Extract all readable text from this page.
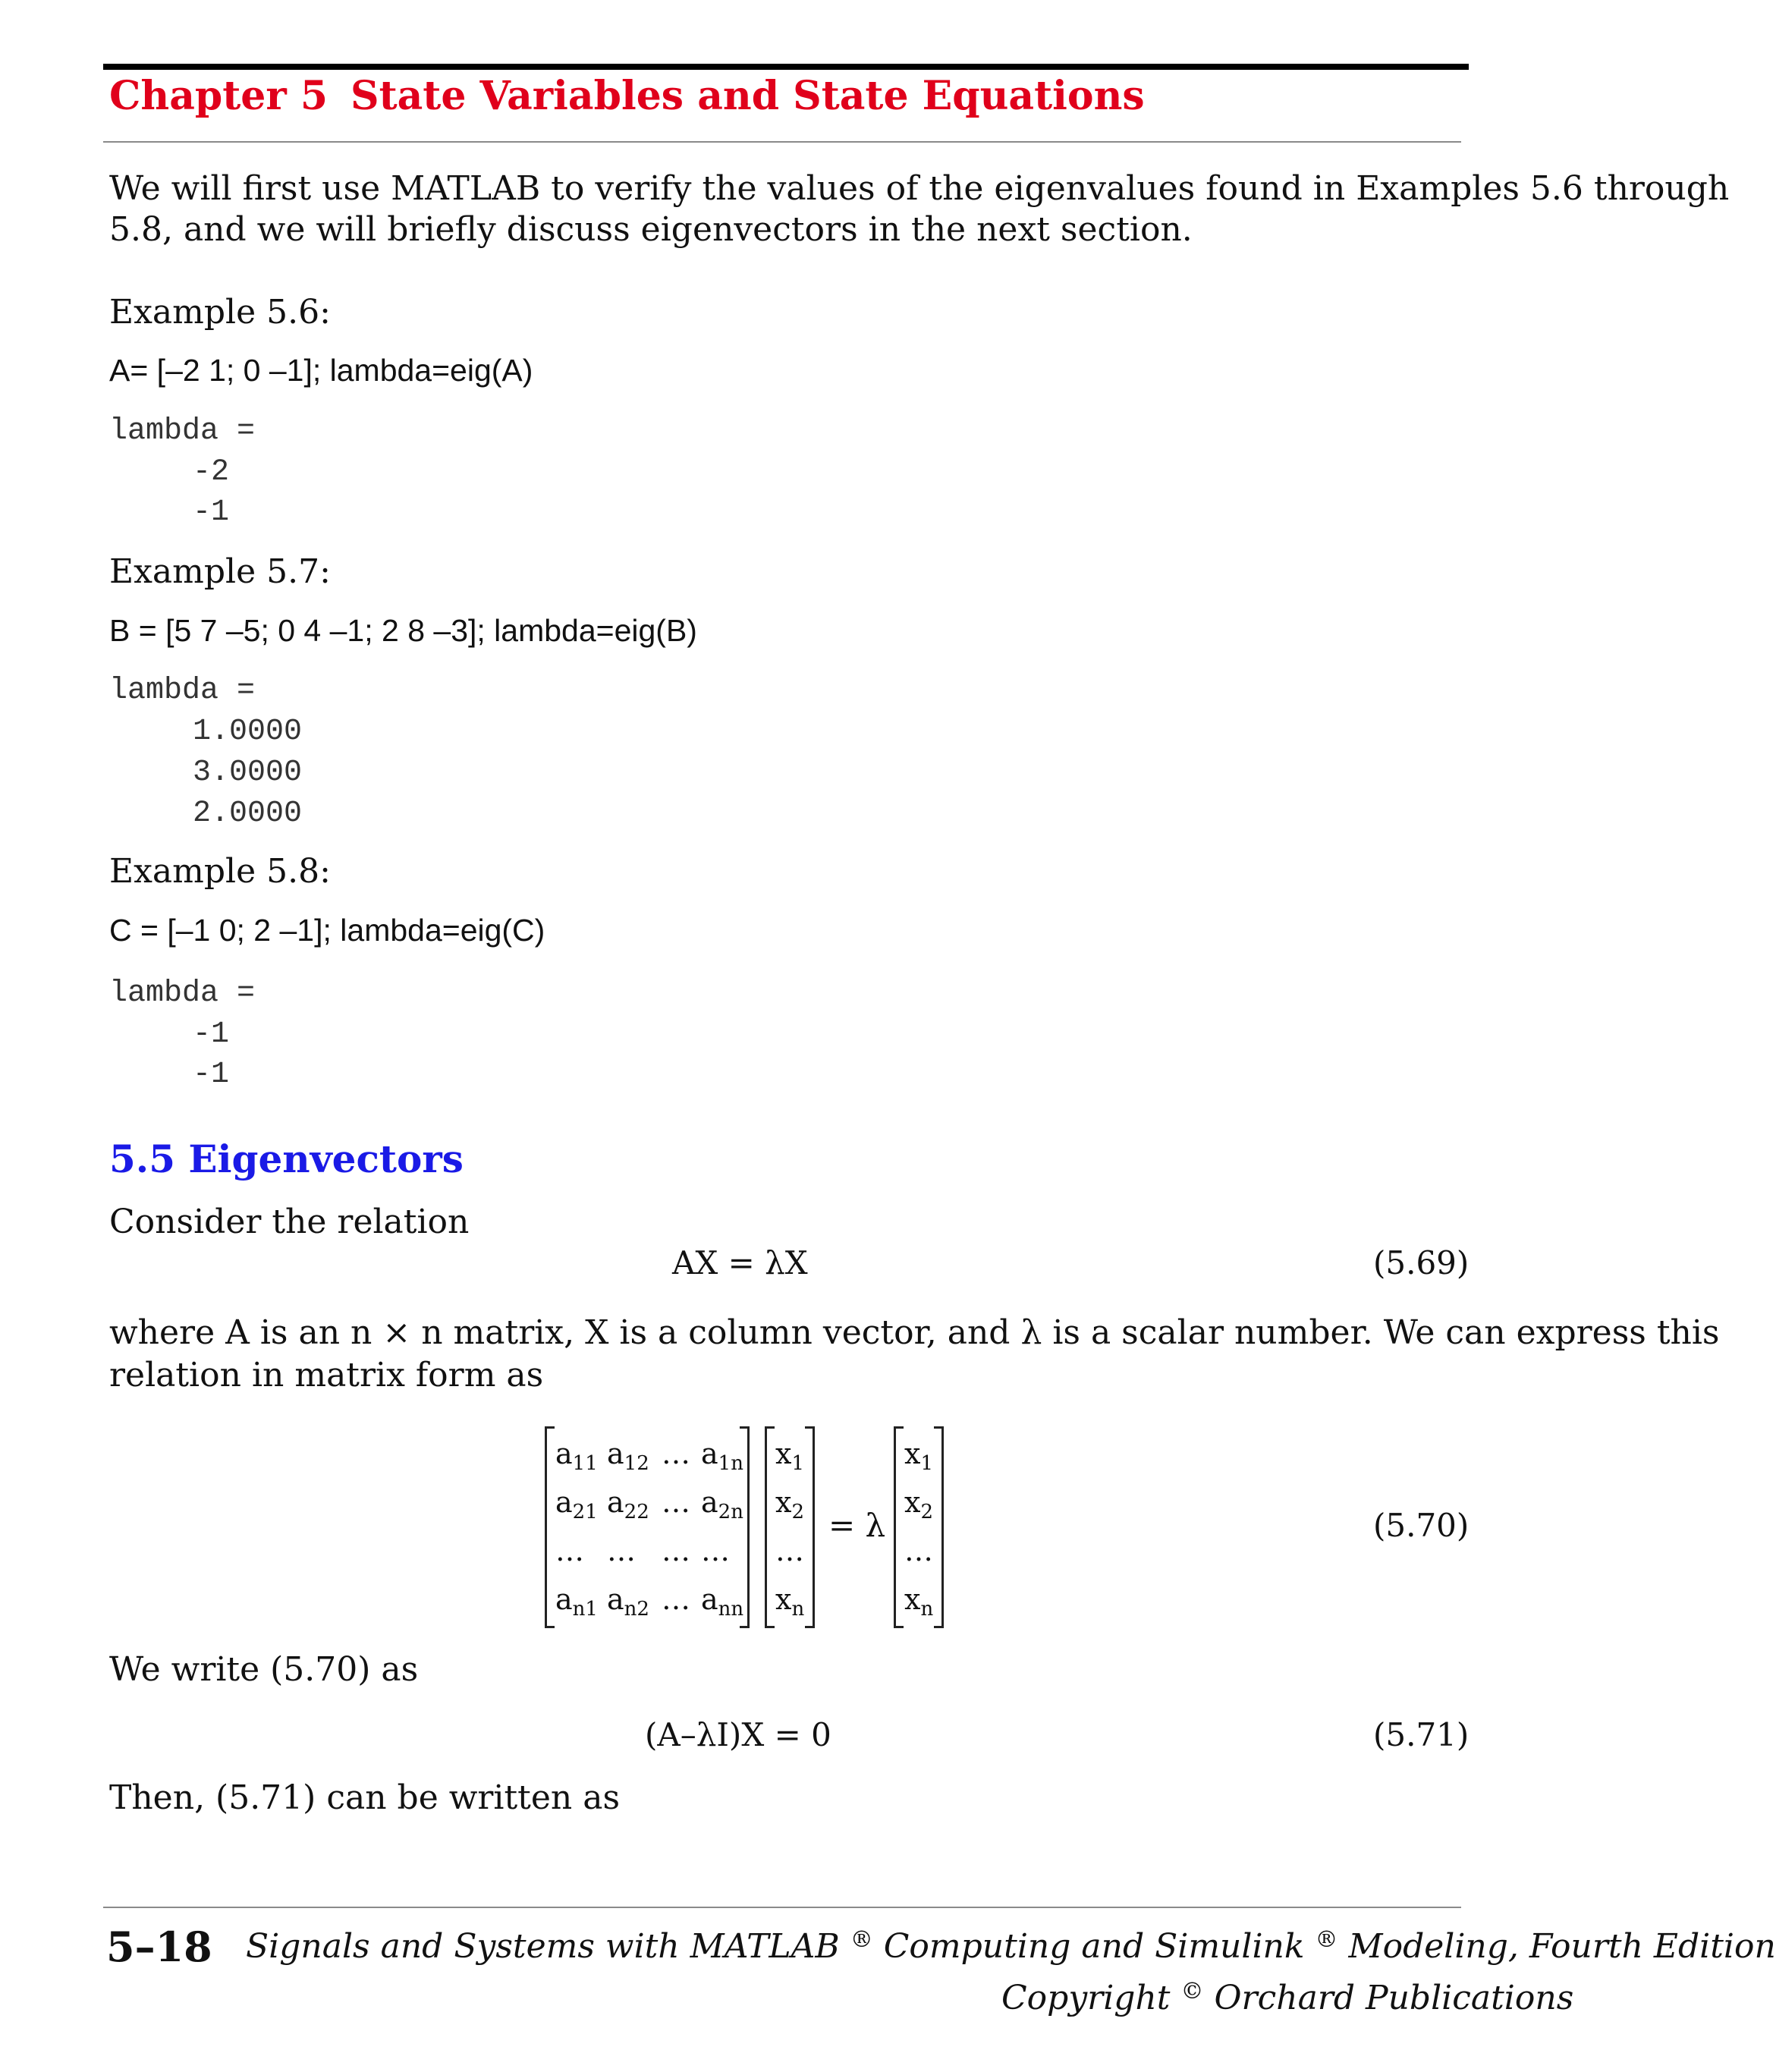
Chapter 5 State Variables and State Equations
We will first use MATLAB to verify the values of the eigenvalues found in Examples 5.6 through
5.8, and we will briefly discuss eigenvectors in the next section.
Example 5.6:
A= [–2 1; 0 –1]; lambda=eig(A)
lambda =
-2
-1
Example 5.7:
B = [5 7 –5; 0 4 –1; 2 8 –3]; lambda=eig(B)
lambda =
1.0000
3.0000
2.0000
Example 5.8:
C = [–1 0; 2 –1]; lambda=eig(C)
lambda =
-1
-1
5.5 Eigenvectors
Consider the relation
AX = λX	(5.69)
where A is an n × n matrix, X is a column vector, and λ is a scalar number. We can express this
relation in matrix form as
$a_{11}$ $a_{12}$ … $a_{1n}$
$a_{21}$ $a_{22}$ … $a_{2n}$
… … … …
$a_{n1}$ $a_{n2}$ … $a_{nn}$
$x_1$
$x_2$
…
$x_n$
= λ
$x_1$
$x_2$
…
$x_n$
(5.70)
We write (5.70) as
(A–λI)X = 0	(5.71)
Then, (5.71) can be written as
5–18 Signals and Systems with MATLAB ® Computing and Simulink ® Modeling, Fourth Edition
Copyright © Orchard Publications
